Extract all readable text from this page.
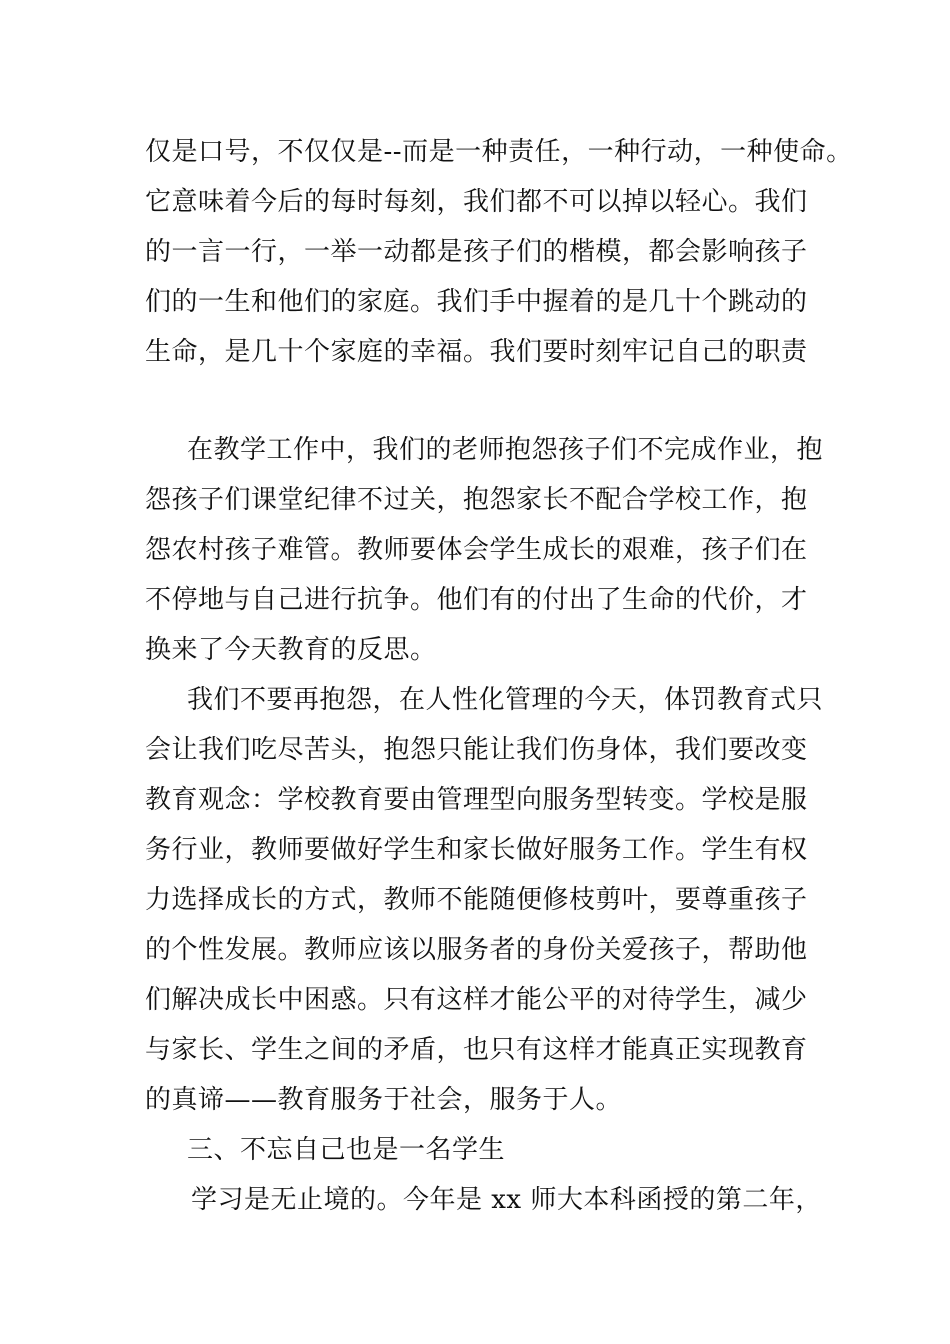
仅是口号，不仅仅是--而是一种责任，一种行动，一种使命。
它意味着今后的每时每刻，我们都不可以掉以轻心。我们
的一言一行，一举一动都是孩子们的楷模，都会影响孩子
们的一生和他们的家庭。我们手中握着的是几十个跳动的
生命，是几十个家庭的幸福。我们要时刻牢记自己的职责
在教学工作中，我们的老师抱怨孩子们不完成作业，抱
怨孩子们课堂纪律不过关，抱怨家长不配合学校工作，抱
怨农村孩子难管。教师要体会学生成长的艰难，孩子们在
不停地与自己进行抗争。他们有的付出了生命的代价，才
换来了今天教育的反思。
我们不要再抱怨，在人性化管理的今天，体罚教育式只
会让我们吃尽苦头，抱怨只能让我们伤身体，我们要改变
教育观念：学校教育要由管理型向服务型转变。学校是服
务行业，教师要做好学生和家长做好服务工作。学生有权
力选择成长的方式，教师不能随便修枝剪叶，要尊重孩子
的个性发展。教师应该以服务者的身份关爱孩子，帮助他
们解决成长中困惑。只有这样才能公平的对待学生，减少
与家长、学生之间的矛盾，也只有这样才能真正实现教育
的真谛——教育服务于社会，服务于人。
三、不忘自己也是一名学生
学习是无止境的。今年是 xx 师大本科函授的第二年，
